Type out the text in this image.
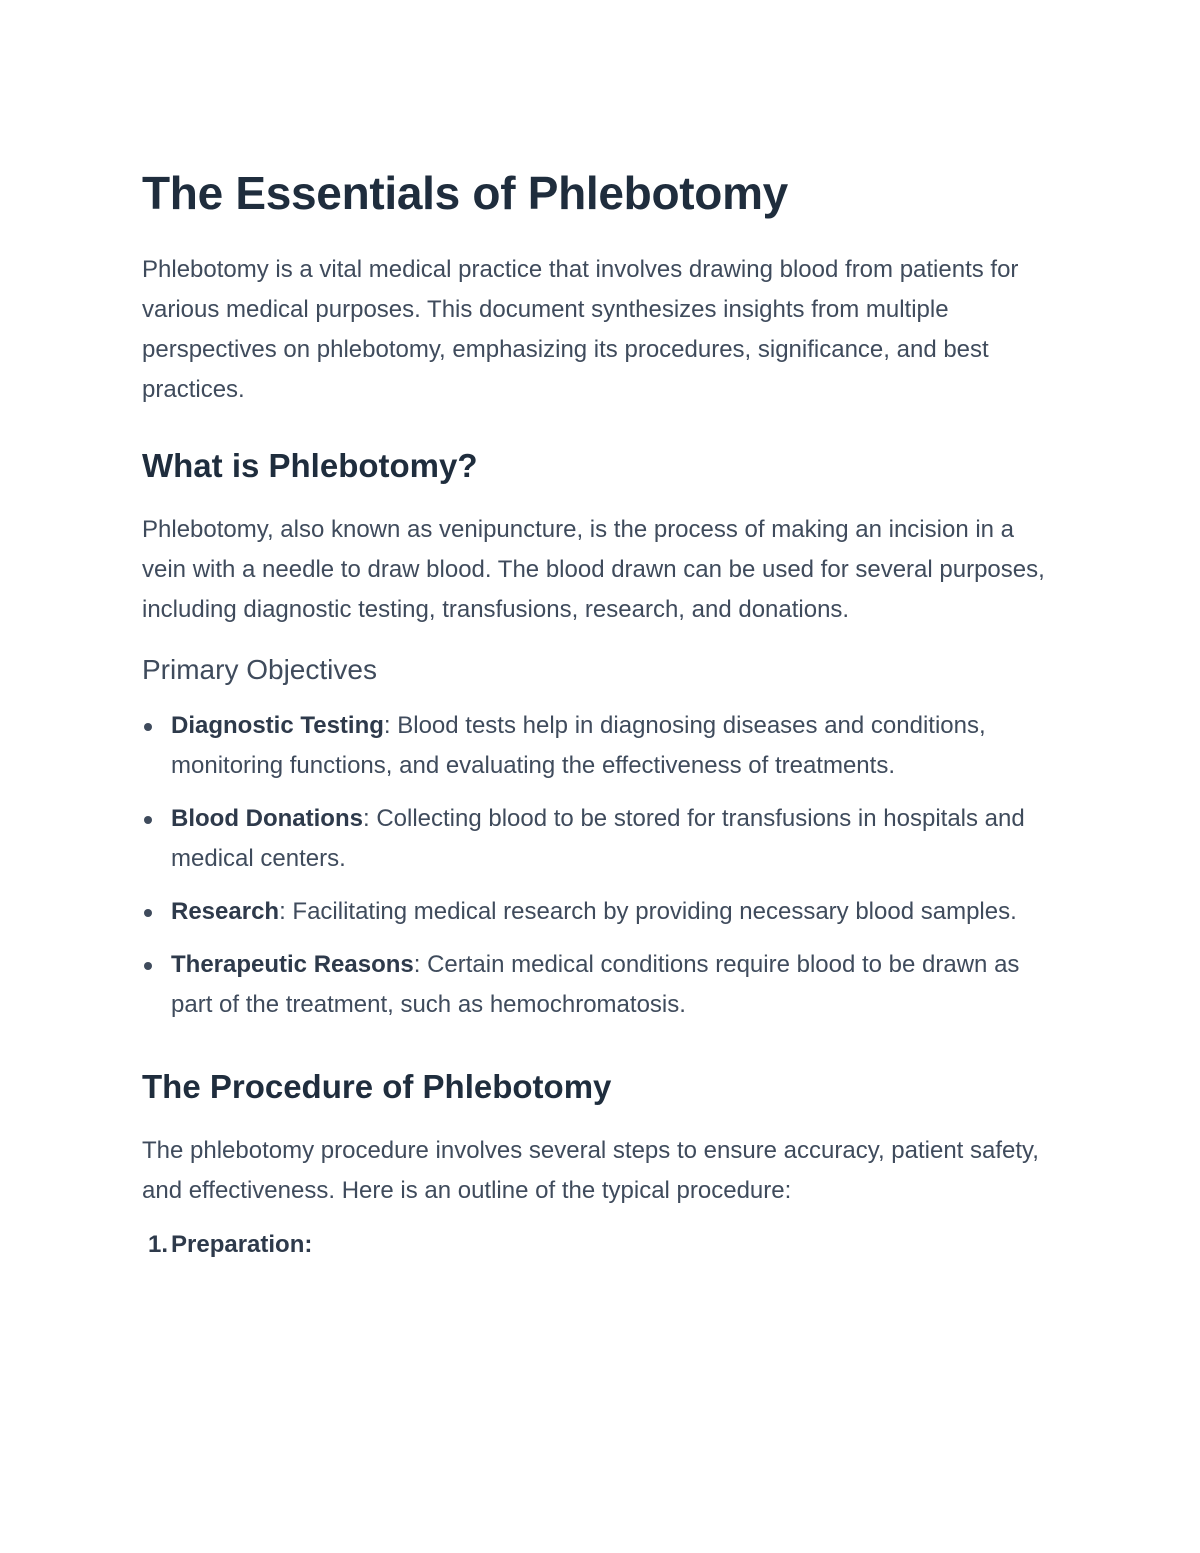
The Essentials of Phlebotomy

Phlebotomy is a vital medical practice that involves drawing blood from patients for various medical purposes. This document synthesizes insights from multiple perspectives on phlebotomy, emphasizing its procedures, significance, and best practices.

What is Phlebotomy?

Phlebotomy, also known as venipuncture, is the process of making an incision in a vein with a needle to draw blood. The blood drawn can be used for several purposes, including diagnostic testing, transfusions, research, and donations.

Primary Objectives
Diagnostic Testing: Blood tests help in diagnosing diseases and conditions, monitoring functions, and evaluating the effectiveness of treatments.
Blood Donations: Collecting blood to be stored for transfusions in hospitals and medical centers.
Research: Facilitating medical research by providing necessary blood samples.
Therapeutic Reasons: Certain medical conditions require blood to be drawn as part of the treatment, such as hemochromatosis.
The Procedure of Phlebotomy

The phlebotomy procedure involves several steps to ensure accuracy, patient safety, and effectiveness. Here is an outline of the typical procedure:

1. Preparation:
